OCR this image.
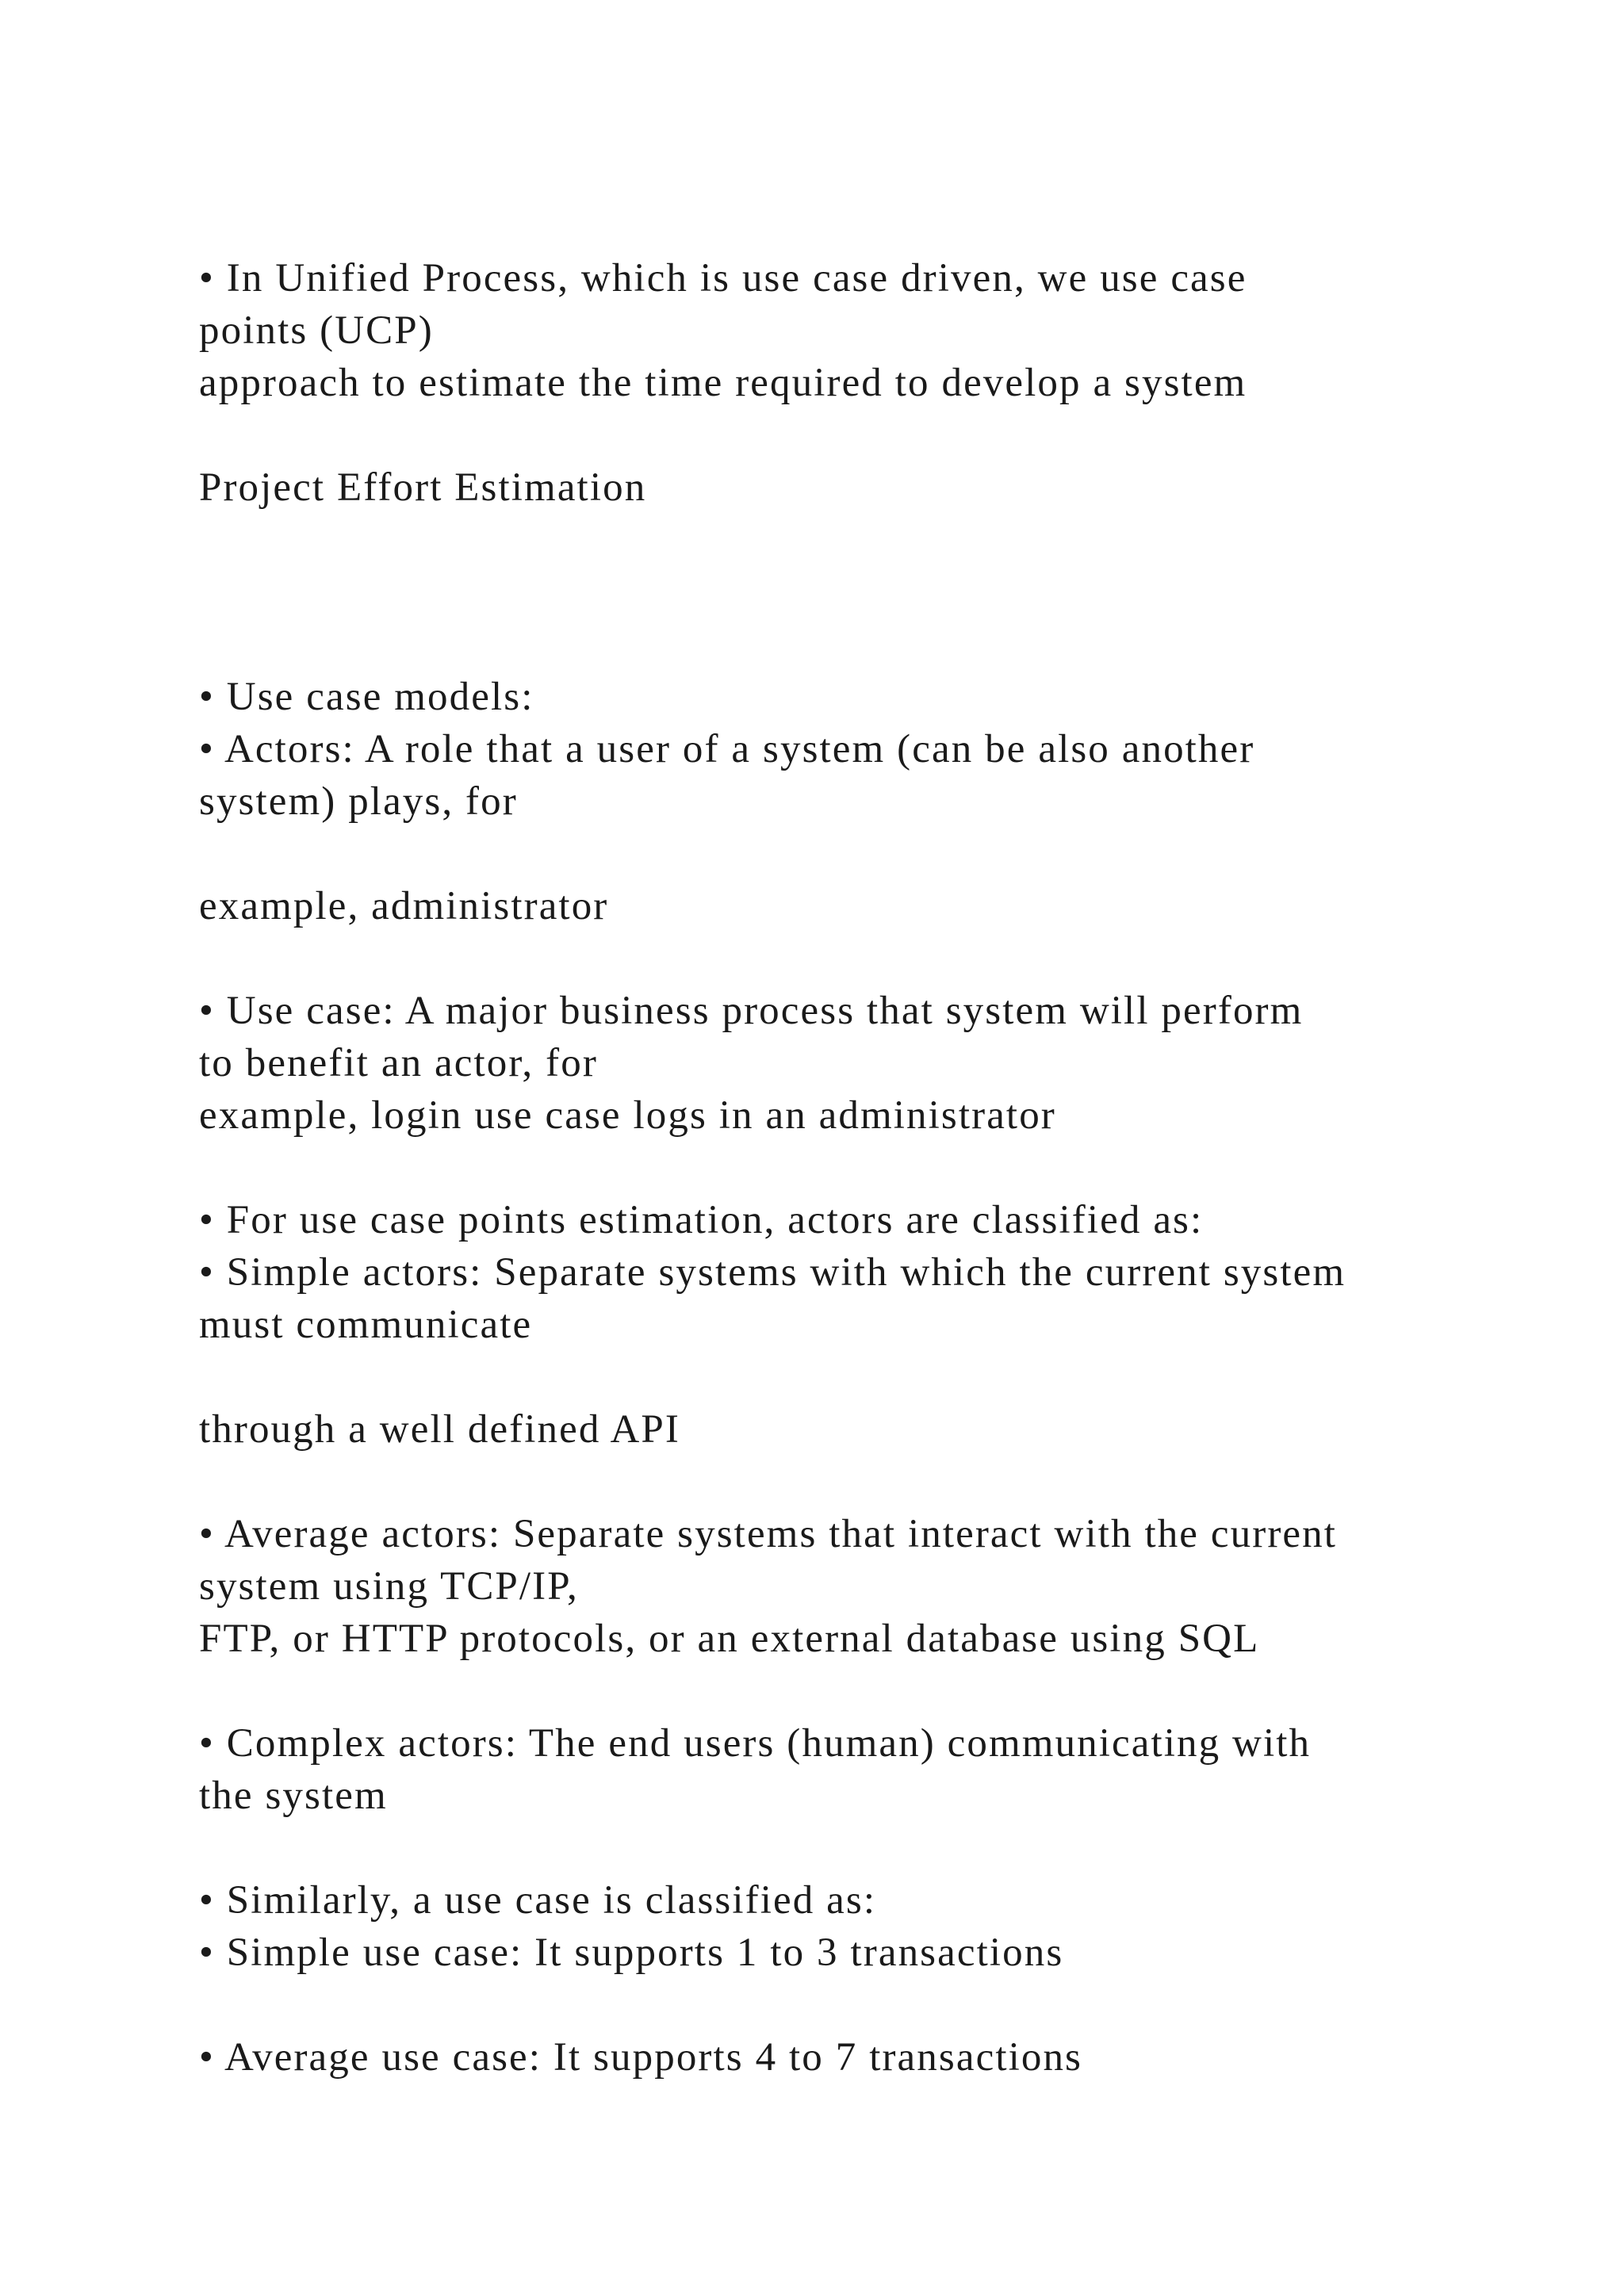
• In Unified Process, which is use case driven, we use case
points (UCP)
approach to estimate the time required to develop a system
Project Effort Estimation
• Use case models:
• Actors: A role that a user of a system (can be also another
system) plays, for
example, administrator
• Use case: A major business process that system will perform
to benefit an actor, for
example, login use case logs in an administrator
• For use case points estimation, actors are classified as:
• Simple actors: Separate systems with which the current system
must communicate
through a well defined API
• Average actors: Separate systems that interact with the current
system using TCP/IP,
FTP, or HTTP protocols, or an external database using SQL
• Complex actors: The end users (human) communicating with
the system
• Similarly, a use case is classified as:
• Simple use case: It supports 1 to 3 transactions
• Average use case: It supports 4 to 7 transactions
